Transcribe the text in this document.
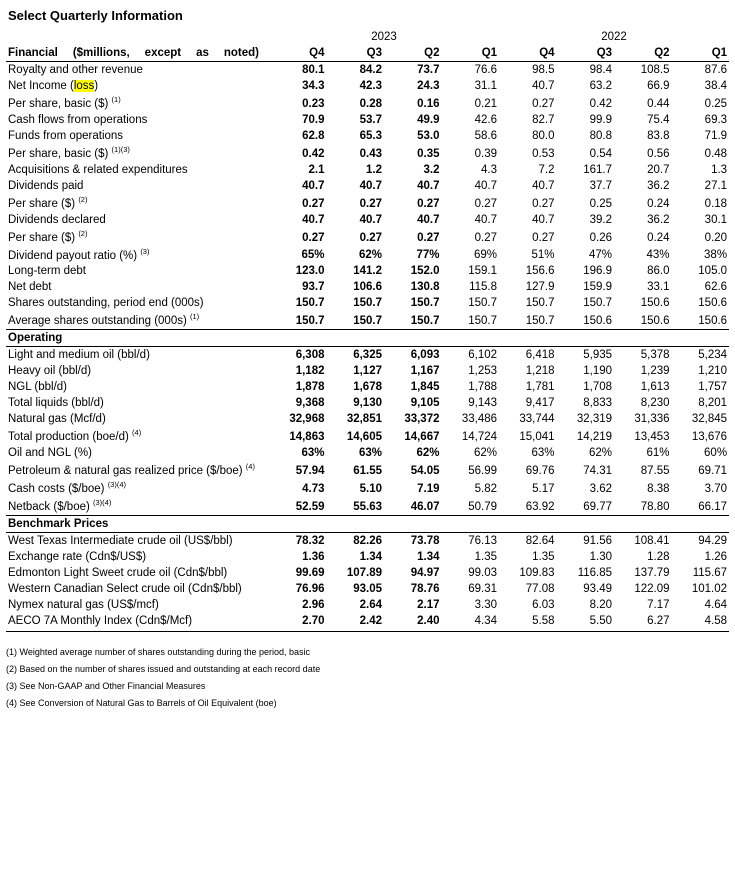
Select Quarterly Information
	2023				2022			
Financial ($millions, except as noted)	Q4	Q3	Q2	Q1	Q4	Q3	Q2	Q1
Royalty and other revenue	80.1	84.2	73.7	76.6	98.5	98.4	108.5	87.6
Net Income (loss)	34.3	42.3	24.3	31.1	40.7	63.2	66.9	38.4
Per share, basic ($) $^{(1)}$	0.23	0.28	0.16	0.21	0.27	0.42	0.44	0.25
Cash flows from operations	70.9	53.7	49.9	42.6	82.7	99.9	75.4	69.3
Funds from operations	62.8	65.3	53.0	58.6	80.0	80.8	83.8	71.9
Per share, basic ($) $^{(1)(3)}$	0.42	0.43	0.35	0.39	0.53	0.54	0.56	0.48
Acquisitions & related expenditures	2.1	1.2	3.2	4.3	7.2	161.7	20.7	1.3
Dividends paid	40.7	40.7	40.7	40.7	40.7	37.7	36.2	27.1
Per share ($) $^{(2)}$	0.27	0.27	0.27	0.27	0.27	0.25	0.24	0.18
Dividends declared	40.7	40.7	40.7	40.7	40.7	39.2	36.2	30.1
Per share ($) $^{(2)}$	0.27	0.27	0.27	0.27	0.27	0.26	0.24	0.20
Dividend payout ratio (%) $^{(3)}$	65%	62%	77%	69%	51%	47%	43%	38%
Long-term debt	123.0	141.2	152.0	159.1	156.6	196.9	86.0	105.0
Net debt	93.7	106.6	130.8	115.8	127.9	159.9	33.1	62.6
Shares outstanding, period end (000s)	150.7	150.7	150.7	150.7	150.7	150.7	150.6	150.6
Average shares outstanding (000s) $^{(1)}$	150.7	150.7	150.7	150.7	150.7	150.6	150.6	150.6
Operating								
Light and medium oil (bbl/d)	6,308	6,325	6,093	6,102	6,418	5,935	5,378	5,234
Heavy oil (bbl/d)	1,182	1,127	1,167	1,253	1,218	1,190	1,239	1,210
NGL (bbl/d)	1,878	1,678	1,845	1,788	1,781	1,708	1,613	1,757
Total liquids (bbl/d)	9,368	9,130	9,105	9,143	9,417	8,833	8,230	8,201
Natural gas (Mcf/d)	32,968	32,851	33,372	33,486	33,744	32,319	31,336	32,845
Total production (boe/d) $^{(4)}$	14,863	14,605	14,667	14,724	15,041	14,219	13,453	13,676
Oil and NGL (%)	63%	63%	62%	62%	63%	62%	61%	60%
Petroleum & natural gas realized price ($/boe) $^{(4)}$	57.94	61.55	54.05	56.99	69.76	74.31	87.55	69.71
Cash costs ($/boe) $^{(3)(4)}$	4.73	5.10	7.19	5.82	5.17	3.62	8.38	3.70
Netback ($/boe) $^{(3)(4)}$	52.59	55.63	46.07	50.79	63.92	69.77	78.80	66.17
Benchmark Prices								
West Texas Intermediate crude oil (US$/bbl)	78.32	82.26	73.78	76.13	82.64	91.56	108.41	94.29
Exchange rate (Cdn$/US$)	1.36	1.34	1.34	1.35	1.35	1.30	1.28	1.26
Edmonton Light Sweet crude oil (Cdn$/bbl)	99.69	107.89	94.97	99.03	109.83	116.85	137.79	115.67
Western Canadian Select crude oil (Cdn$/bbl)	76.96	93.05	78.76	69.31	77.08	93.49	122.09	101.02
Nymex natural gas (US$/mcf)	2.96	2.64	2.17	3.30	6.03	8.20	7.17	4.64
AECO 7A Monthly Index (Cdn$/Mcf)	2.70	2.42	2.40	4.34	5.58	5.50	6.27	4.58
(1) Weighted average number of shares outstanding during the period, basic
(2) Based on the number of shares issued and outstanding at each record date
(3) See Non-GAAP and Other Financial Measures
(4) See Conversion of Natural Gas to Barrels of Oil Equivalent (boe)
